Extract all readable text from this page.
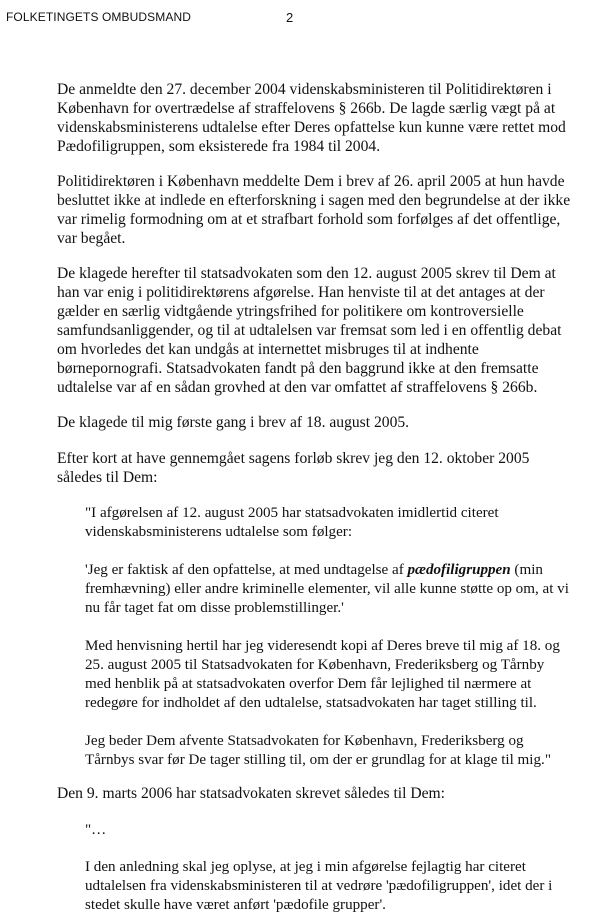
FOLKETINGETS OMBUDSMAND	2

De anmeldte den 27. december 2004 videnskabsministeren til Politidirektøren i København for overtrædelse af straffelovens § 266b. De lagde særlig vægt på at videnskabsministerens udtalelse efter Deres opfattelse kun kunne være rettet mod Pædofiligruppen, som eksisterede fra 1984 til 2004.

Politidirektøren i København meddelte Dem i brev af 26. april 2005 at hun havde besluttet ikke at indlede en efterforskning i sagen med den begrundelse at der ikke var rimelig formodning om at et strafbart forhold som forfølges af det offentlige, var begået.

De klagede herefter til statsadvokaten som den 12. august 2005 skrev til Dem at han var enig i politidirektørens afgørelse. Han henviste til at det antages at der gælder en særlig vidtgående ytringsfrihed for politikere om kontroversielle samfundsanliggender, og til at udtalelsen var fremsat som led i en offentlig debat om hvorledes det kan undgås at internettet misbruges til at indhente børnepornografi. Statsadvokaten fandt på den baggrund ikke at den fremsatte udtalelse var af en sådan grovhed at den var omfattet af straffelovens § 266b.

De klagede til mig første gang i brev af 18. august 2005.

Efter kort at have gennemgået sagens forløb skrev jeg den 12. oktober 2005 således til Dem:

"I afgørelsen af 12. august 2005 har statsadvokaten imidlertid citeret videnskabsministerens udtalelse som følger:

'Jeg er faktisk af den opfattelse, at med undtagelse af pædofiligruppen (min fremhævning) eller andre kriminelle elementer, vil alle kunne støtte op om, at vi nu får taget fat om disse problemstillinger.'

Med henvisning hertil har jeg videresendt kopi af Deres breve til mig af 18. og 25. august 2005 til Statsadvokaten for København, Frederiksberg og Tårnby med henblik på at statsadvokaten overfor Dem får lejlighed til nærmere at redegøre for indholdet af den udtalelse, statsadvokaten har taget stilling til.

Jeg beder Dem afvente Statsadvokaten for København, Frederiksberg og Tårnbys svar før De tager stilling til, om der er grundlag for at klage til mig."

Den 9. marts 2006 har statsadvokaten skrevet således til Dem:

"…

I den anledning skal jeg oplyse, at jeg i min afgørelse fejlagtig har citeret udtalelsen fra videnskabsministeren til at vedrøre 'pædofiligruppen', idet der i stedet skulle have været anført 'pædofile grupper'.
